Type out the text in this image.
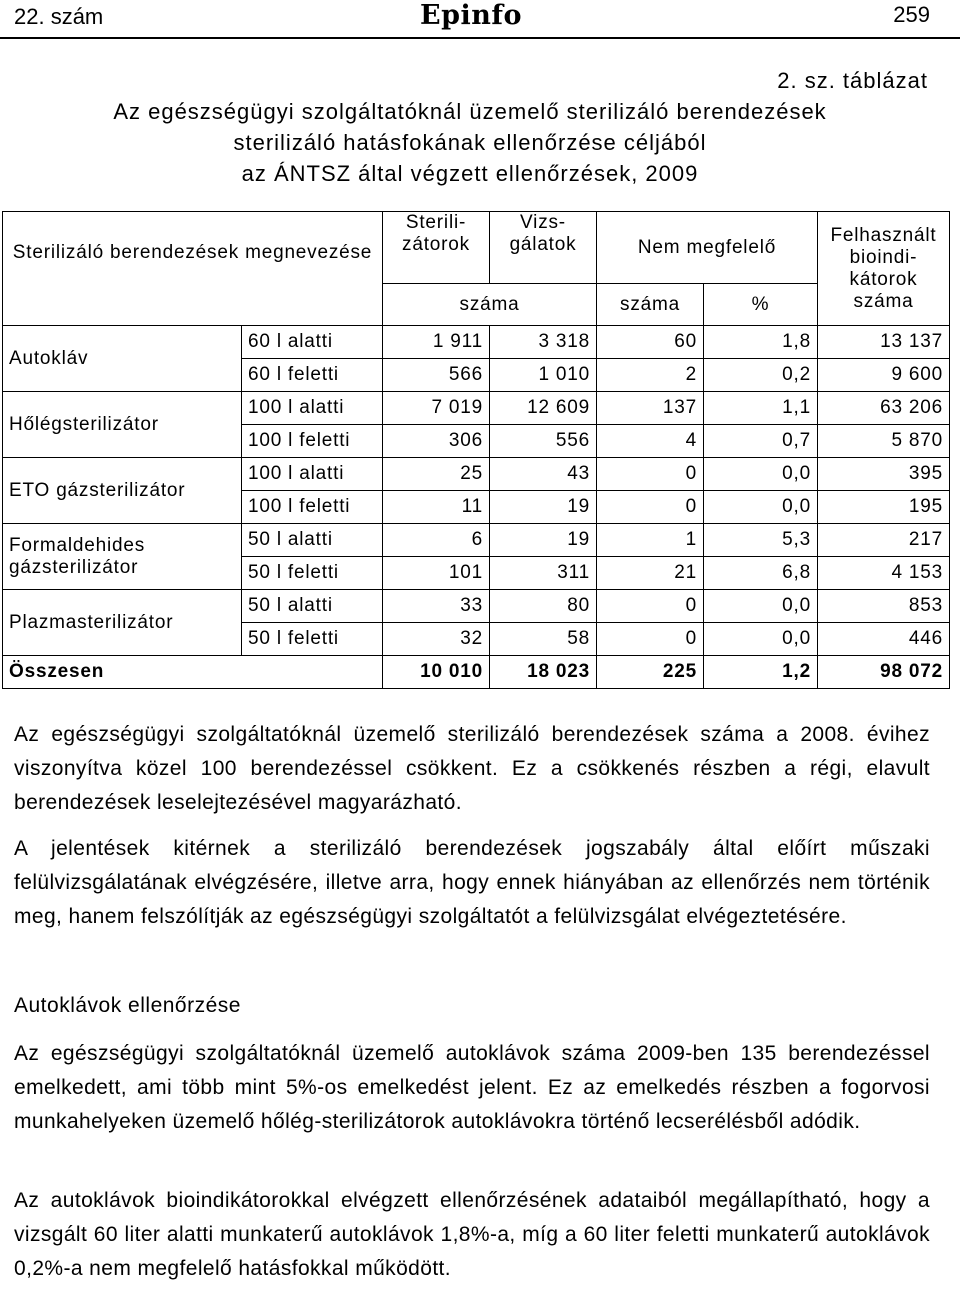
22. szám	Epinfo	259
2. sz. táblázat
Az egészségügyi szolgáltatóknál üzemelő sterilizáló berendezések
sterilizáló hatásfokának ellenőrzése céljából
az ÁNTSZ által végzett ellenőrzések, 2009
Sterilizáló berendezések megnevezése		Sterili- zátorok	Vizs- gálatok	Nem megfelelő		Felhasznált bioindi- kátorok száma
		száma		száma	%	
Autokláv	60 l alatti	1 911	3 318	60	1,8	13 137
	60 l feletti	566	1 010	2	0,2	9 600
Hőlégsterilizátor	100 l alatti	7 019	12 609	137	1,1	63 206
	100 l feletti	306	556	4	0,7	5 870
ETO gázsterilizátor	100 l alatti	25	43	0	0,0	395
	100 l feletti	11	19	0	0,0	195
Formaldehides gázsterilizátor	50 l alatti	6	19	1	5,3	217
	50 l feletti	101	311	21	6,8	4 153
Plazmasterilizátor	50 l alatti	33	80	0	0,0	853
	50 l feletti	32	58	0	0,0	446
Összesen		10 010	18 023	225	1,2	98 072
Az egészségügyi szolgáltatóknál üzemelő sterilizáló berendezések száma a 2008. évihez viszonyítva közel 100 berendezéssel csökkent. Ez a csökkenés részben a régi, elavult berendezések leselejtezésével magyarázható.
A jelentések kitérnek a sterilizáló berendezések jogszabály által előírt műszaki felülvizsgálatának elvégzésére, illetve arra, hogy ennek hiányában az ellenőrzés nem történik meg, hanem felszólítják az egészségügyi szolgáltatót a felülvizsgálat elvégeztetésére.
Autoklávok ellenőrzése
Az egészségügyi szolgáltatóknál üzemelő autoklávok száma 2009-ben 135 berendezéssel emelkedett, ami több mint 5%-os emelkedést jelent. Ez az emelkedés részben a fogorvosi munkahelyeken üzemelő hőlég-sterilizátorok autoklávokra történő lecserélésből adódik.
Az autoklávok bioindikátorokkal elvégzett ellenőrzésének adataiból megállapítható, hogy a vizsgált 60 liter alatti munkaterű autoklávok 1,8%-a, míg a 60 liter feletti munkaterű autoklávok 0,2%-a nem megfelelő hatásfokkal működött.
